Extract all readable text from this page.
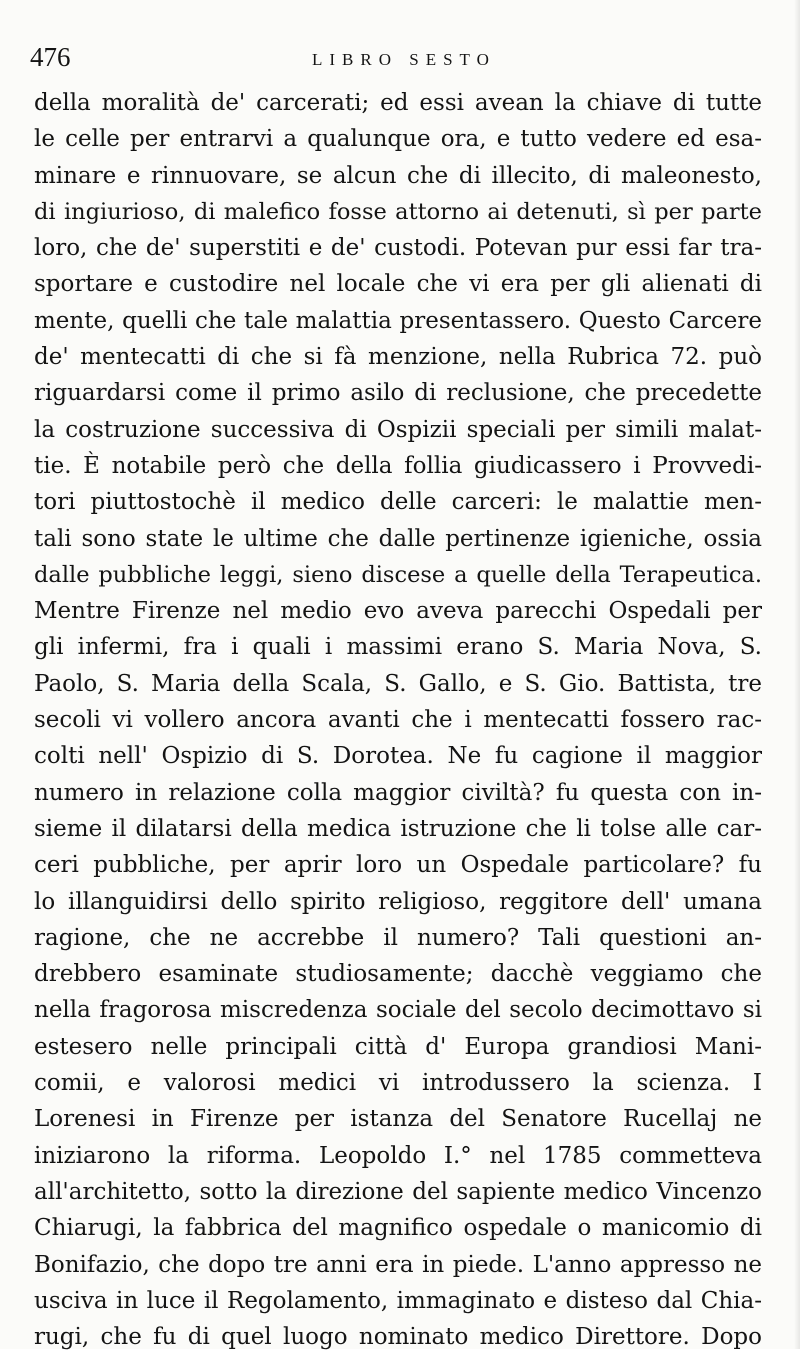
476	LIBRO SESTO
della moralità de' carcerati; ed essi avean la chiave di tutte
le celle per entrarvi a qualunque ora, e tutto vedere ed esa-
minare e rinnuovare, se alcun che di illecito, di maleonesto,
di ingiurioso, di malefico fosse attorno ai detenuti, sì per parte
loro, che de' superstiti e de' custodi. Potevan pur essi far tra-
sportare e custodire nel locale che vi era per gli alienati di
mente, quelli che tale malattia presentassero. Questo Carcere
de' mentecatti di che si fà menzione, nella Rubrica 72. può
riguardarsi come il primo asilo di reclusione, che precedette
la costruzione successiva di Ospizii speciali per simili malat-
tie. È notabile però che della follia giudicassero i Provvedi-
tori piuttostochè il medico delle carceri: le malattie men-
tali sono state le ultime che dalle pertinenze igieniche, ossia
dalle pubbliche leggi, sieno discese a quelle della Terapeutica.
Mentre Firenze nel medio evo aveva parecchi Ospedali per
gli infermi, fra i quali i massimi erano S. Maria Nova, S.
Paolo, S. Maria della Scala, S. Gallo, e S. Gio. Battista, tre
secoli vi vollero ancora avanti che i mentecatti fossero rac-
colti nell' Ospizio di S. Dorotea. Ne fu cagione il maggior
numero in relazione colla maggior civiltà? fu questa con in-
sieme il dilatarsi della medica istruzione che li tolse alle car-
ceri pubbliche, per aprir loro un Ospedale particolare? fu
lo illanguidirsi dello spirito religioso, reggitore dell' umana
ragione, che ne accrebbe il numero? Tali questioni an-
drebbero esaminate studiosamente; dacchè veggiamo che
nella fragorosa miscredenza sociale del secolo decimottavo si
estesero nelle principali città d' Europa grandiosi Mani-
comii, e valorosi medici vi introdussero la scienza. I
Lorenesi in Firenze per istanza del Senatore Rucellaj ne
iniziarono la riforma. Leopoldo I.° nel 1785 commetteva
all'architetto, sotto la direzione del sapiente medico Vincenzo
Chiarugi, la fabbrica del magnifico ospedale o manicomio di
Bonifazio, che dopo tre anni era in piede. L'anno appresso ne
usciva in luce il Regolamento, immaginato e disteso dal Chia-
rugi, che fu di quel luogo nominato medico Direttore. Dopo
